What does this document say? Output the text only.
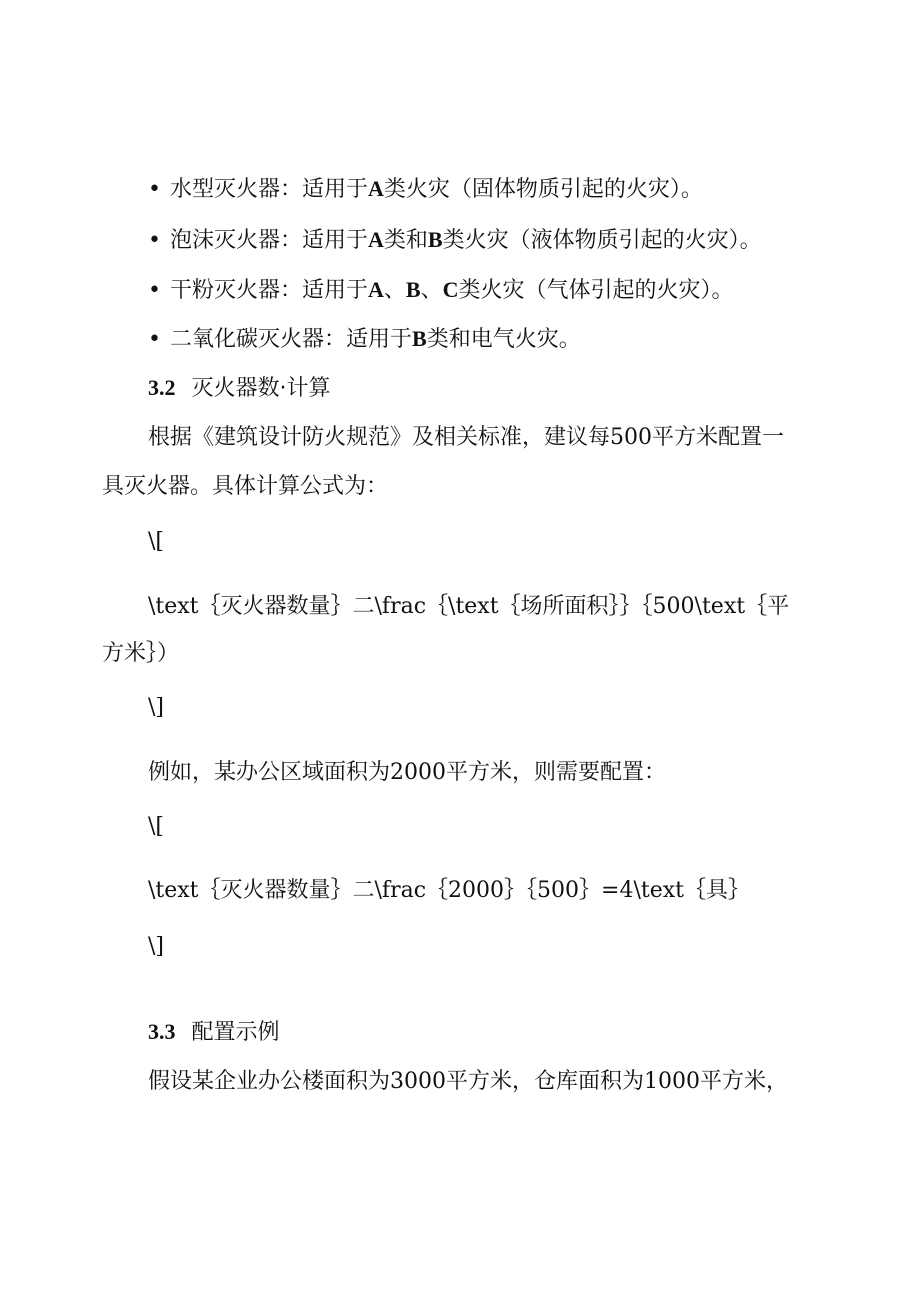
• 水型灭火器：适用于A类火灾（固体物质引起的火灾）。
• 泡沫灭火器：适用于A类和B类火灾（液体物质引起的火灾）。
• 干粉灭火器：适用于A、B、C类火灾（气体引起的火灾）。
• 二氧化碳灭火器：适用于B类和电气火灾。
3.2 灭火器数·计算
根据《建筑设计防火规范》及相关标准，建议每500平方米配置一
具灭火器。具体计算公式为：
\[
\text｛灭火器数量｝二\frac｛\text｛场所面积｝｝｛500\text｛平
方米｝）
\]
例如，某办公区域面积为2000平方米，则需要配置：
\[
\text｛灭火器数量｝二\frac｛2000｝｛500｝=4\text｛具｝
\]
3.3 配置示例
假设某企业办公楼面积为3000平方米，仓库面积为1000平方米，
